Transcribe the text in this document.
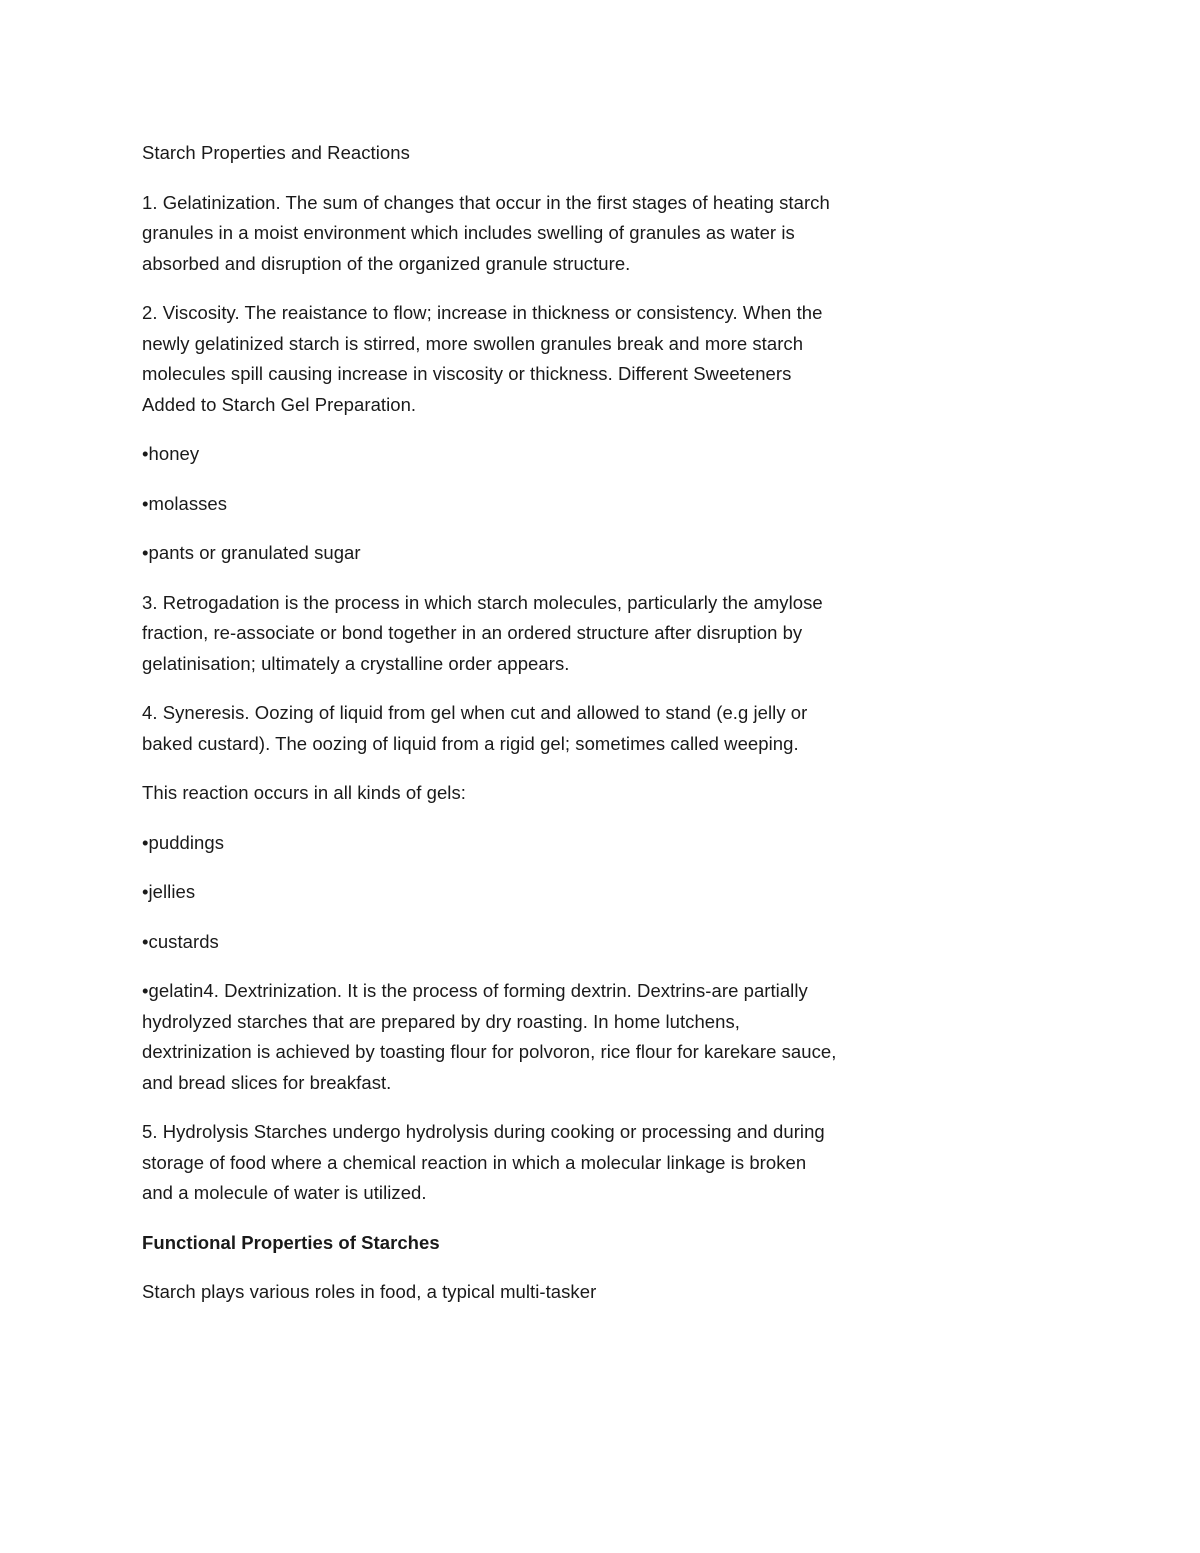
Starch Properties and Reactions

1. Gelatinization. The sum of changes that occur in the first stages of heating starch granules in a moist environment which includes swelling of granules as water is absorbed and disruption of the organized granule structure.

2. Viscosity. The reaistance to flow; increase in thickness or consistency. When the newly gelatinized starch is stirred, more swollen granules break and more starch molecules spill causing increase in viscosity or thickness. Different Sweeteners Added to Starch Gel Preparation.

•honey

•molasses

•pants or granulated sugar

3. Retrogadation is the process in which starch molecules, particularly the amylose fraction, re-associate or bond together in an ordered structure after disruption by gelatinisation; ultimately a crystalline order appears.

4. Syneresis. Oozing of liquid from gel when cut and allowed to stand (e.g jelly or baked custard). The oozing of liquid from a rigid gel; sometimes called weeping.

This reaction occurs in all kinds of gels:

•puddings

•jellies

•custards

•gelatin4. Dextrinization. It is the process of forming dextrin. Dextrins-are partially hydrolyzed starches that are prepared by dry roasting. In home lutchens, dextrinization is achieved by toasting flour for polvoron, rice flour for karekare sauce, and bread slices for breakfast.

5. Hydrolysis Starches undergo hydrolysis during cooking or processing and during storage of food where a chemical reaction in which a molecular linkage is broken and a molecule of water is utilized.

Functional Properties of Starches

Starch plays various roles in food, a typical multi-tasker
